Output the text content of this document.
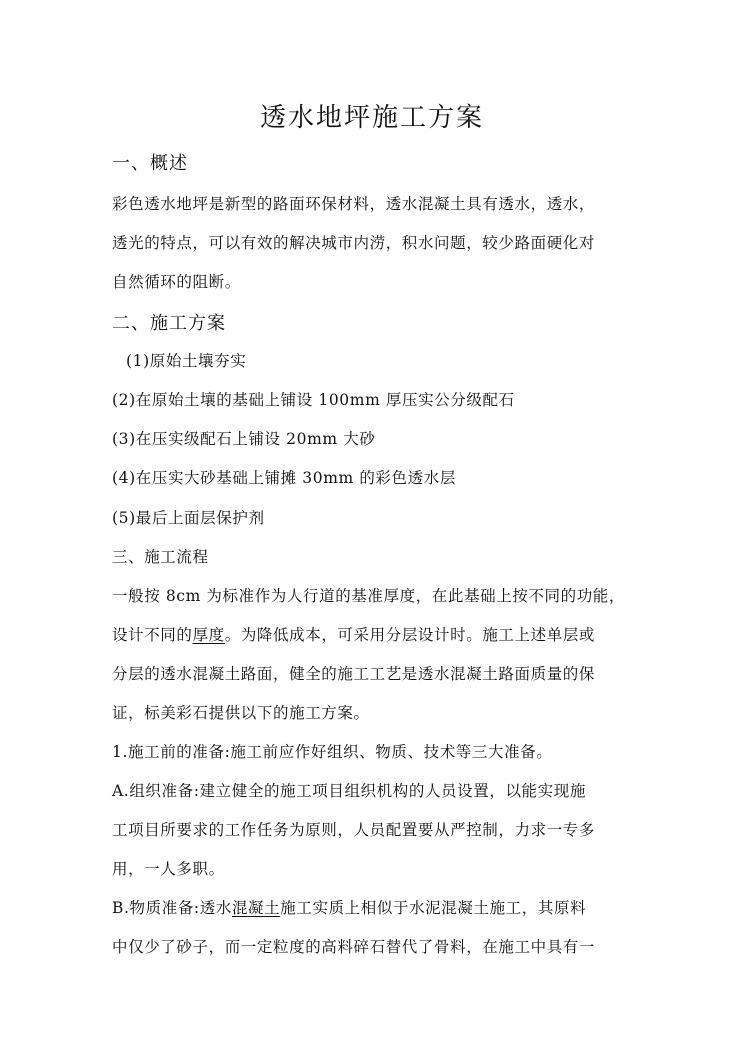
透水地坪施工方案
一、概述
彩色透水地坪是新型的路面环保材料，透水混凝土具有透水，透水，
透光的特点，可以有效的解决城市内涝，积水问题，较少路面硬化对
自然循环的阻断。
二、施工方案
(1)原始土壤夯实
(2)在原始土壤的基础上铺设 100mm 厚压实公分级配石
(3)在压实级配石上铺设 20mm 大砂
(4)在压实大砂基础上铺摊 30mm 的彩色透水层
(5)最后上面层保护剂
三、施工流程
一般按 8cm 为标准作为人行道的基准厚度，在此基础上按不同的功能，
设计不同的厚度。为降低成本，可采用分层设计时。施工上述单层或
分层的透水混凝土路面，健全的施工工艺是透水混凝土路面质量的保
证，标美彩石提供以下的施工方案。
1.施工前的准备:施工前应作好组织、物质、技术等三大准备。
A.组织准备:建立健全的施工项目组织机构的人员设置，以能实现施
工项目所要求的工作任务为原则，人员配置要从严控制，力求一专多
用，一人多职。
B.物质准备:透水混凝土施工实质上相似于水泥混凝土施工，其原料
中仅少了砂子，而一定粒度的高料碎石替代了骨料，在施工中具有一
